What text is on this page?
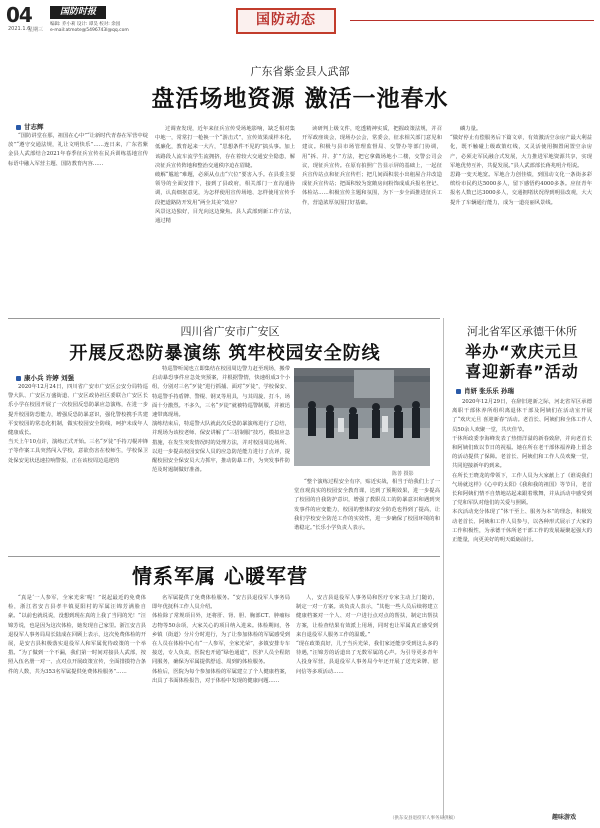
04
2021.1.6
星期三
国防时报
编辑: 乔小莉 设计: 谭昊 校对: 余园
e-mail:atmote@5496743l@qq.com
国防动态
广东省紫金县人武部
盘活场地资源 激活一池春水
甘志辉
“国防讲堂在那，祖国在心中”“让新时代青春在军营中绽放”“遵守交通法规，礼让文明快乐”……连日来，广东省紫金县人武部结合2021年春季征兵宣传在民兵训练基地宣传标语中融入军营主题、国防教育内容……
过调查发现，近年来征兵宣传受场地影响，缺乏相对集中地一，常常打一枪换一个“游击式”，宣传效果成样本化，低廉化，教育起来一大片，“思想条件不见的”搞头事。加上该路段人流车流学生流拥挤，存在着较大交通安全隐患，解决征兵宣传阵地和整治交通秩序迫在眉睫。
破解“尴尬”难题，必须从点击“穴位”要害入手。在县委主要领导的全面安排下，接到了县政府，相关部门一直沟通协调，认真细抠意见，为怎样使用宣传场地、怎样使用宣传手段把道路防开发用“两全其美”效应？
风景这边独好，目光向这边聚焦。县人武部到新工作方法，通过精
读研判上级文件，吃透精神实质，把握政策法规，并召开军政座谈会，现场办公会，常委会，征求相关部门意见和建议。积极与县市场管理监督局、交警办等部门协调，用“拆、并、扩”方法，把它拿做场地小二楼，交警公司会议，现征兵宣传。在原有拍照广告显示屏的基础上，一起征兵宣传站点和征兵宣传栏；把几间面积装小出租屋合并改造成征兵宣传站；把面积较为宽敞房间粉饰成成兵报名登记、体检站……积极宣传主题和氛围，为下一步全面推进征兵工作，营造浓厚氛围打好基础。
磷力量。
“做好停止有偿服务后下篇文章，有效激活空余房产最大利益化，既不触碰上级政策红线，又灵活使用搁置闲置空余房产，必须走军民融合式发展，大力推进军地资源共享，实现军地优势互补，共促发展。”县人武部部长蒋兆明介绍说。
思路一变天地宽。军地合力创佳绩，到国动文化一条街多彩缤纷市民约达5000多人，留下感悟约4000多条。应征青年报名人数已达3000多人，交通拥堵状况得到明显改观，大大提升了车辆通行能力，成为一道亮丽风景线。
四川省广安市广安区
开展反恐防暴演练 筑牢校园安全防线
康小兵 许婷 刘强
2020年12月24日，四川省广安市广安区公安分局特巡警大队、广安区万盛街道、广安区政协社区委联合广安区长乐小学在校园开展了一次校园反恐防暴应急演练，在进一步提升校园防恐能力，增强反恐防暴意识，强化警校携手共建平安校园的常态化机制，做实校园安全防线，呵护未成年人健康成长。
当天上午10点许，演练正式开始。三名“歹徒”手持刀棍冲锋子等作案工具突然闯入学校，意欲伤害在校师生，学校保卫处保安见状迅速拉响警报，正在该校周边巡逻的
特巡警听闻也立即集结在校园周边警力赶至现场，搬带启动暴恐事件应急处突预案，并根据警情，快速组成3个小组，分别对三名“歹徒”进行抓捕、面对“歹徒”，学校保安、特巡警手持盾牌、警棍、钢叉等用具，与其周旋、打斗，场面十分激烈。不多久，三名“歹徒”就被特巡警制服，并被迅速带离现场。
演练结束后，特巡警大队就此次反恐防暴演练进行了总结，并现场为该校老师、保安讲解了“三招制服”技巧，模拟应急措施，在发生突发情况时的处理方法，并对校园周边场所、以进一步提高校园安保人员的应急防范能力进行了点评，提醒校园安全保安员大力抓牢，推动防暴工作，为突发事件防范及时遏制做好准备。
陈善 摄影
“整个演练过程安全有序，贴近实战，相当于给我们上了一堂直观真实的校园安全教育课，达到了预期效果，进一步提高了校园的自我防护意识，增强了教职员工的防暴意识和遇到突发事件的应变能力，校园的整体的安全防范也得到了提高，让我们学校安全防范工作的实效性，进一步确保了校园环境的和谐稳定。”长乐小学负责人表示。
河北省军区承德干休所
举办“欢庆元旦
喜迎新春”活动
肖妍 张乐乐 孙瑞
2020年12月29日，在辞旧迎新之际，河北省军区承德离职干部休养所组织离退休干部及阿姨们在活动室开展了“欢庆元旦 喜迎新春”活动。老首长、阿姨们和全体工作人员50余人欢聚一堂，共庆佳节。
干休所政委李海峰发表了热情洋溢的新春致辞，并向老首长和阿姨们致以节日的祝福。她在所在老干部休福养路上留念的活动提供了保障。老首长、阿姨们和工作人员欢聚一堂，共同迎接新年的到来。
在所长王晓龙的带领下，工作人员为大家献上了《谁说我们气场就这样》《心中的太阳》《我和我的祖国》等节目，老首长和阿姨们情不自禁地站起来跟着歌舞，并从活动中感受到了党和军队对他们的关爱与照顾。
本次活动充分体现了“休干至上、服务为本”的理念，积极发动老首长、阿姨和工作人员参与，以各种形式展示了大家的工作积极性，为承德干休所老干部工作的发展凝聚起强大的正能量，向更美好的明天砥砺前行。
情系军属 心暖军营
“真是‘一人参军，全家光荣’呢！”说起最近的免费体检，浙江省安吉县孝丰镇夏阳村的军属汪锦芳满脸自豪。“以前也就说说，没想到现在真的上我了当同的光！”汪锦芳说，也是因为这次体检，她发现自己家里。浙江安吉县退役军人事务局局长陆成在回顾上表示，这次免费体检的开展，是安吉县积极落实退役军人和军属优待政策的一个举措。“为了做到一个不漏，我们第一时间对接县人武部，按照入伍名册一对一、点对点开展政策宣传，全面排摸符合条件的人数，共为353名军属提供免费体检服务”……
名军属提供了免费体检服务。“安吉县退役军人事务局即年优抚科工作人员介绍。
体检除了常规项目外，还将肝、肾、胆、胸部CT、肿瘤标志物等50余项，大家关心的项目纳入进来。体检期间，各乡镇（街道）分片分时进行，为了让参加体检的军属感受到在人员在体检中心有“一人参军，全家光荣”，多镇安排专车接送，专人负责，医院也开通“绿色通道”，医护人员全程陪同服务，确保为军属提供舒适、周到的体检服务。
体检后，医院为每个参加体检的军属建立了个人健康档案，出具了书面体检报告，对于体检中发现的健康问题……
人，安吉县退役军人事务局和医疗专家主动上门随访，制定一对一方案。该负责人表示，“其他一些人员后续将建立健康档案对一个人、对一户进行点对点的帮扶，制定出帮扶方案，让检查结果有效派上用场，同时也让军属真正感受到来自退役军人服务工作的温暖。”
“现在政策真好，儿子当兵光荣，我们家还能享受到这么多的待遇，”汪锦芳的话道出了无数军属的心声。为引导更多青年人投身军营，县退役军人事务局今年还开展了送光荣牌、慰问信等多项活动……
（供东安县退役军人事务局供稿）	趣味游戏
